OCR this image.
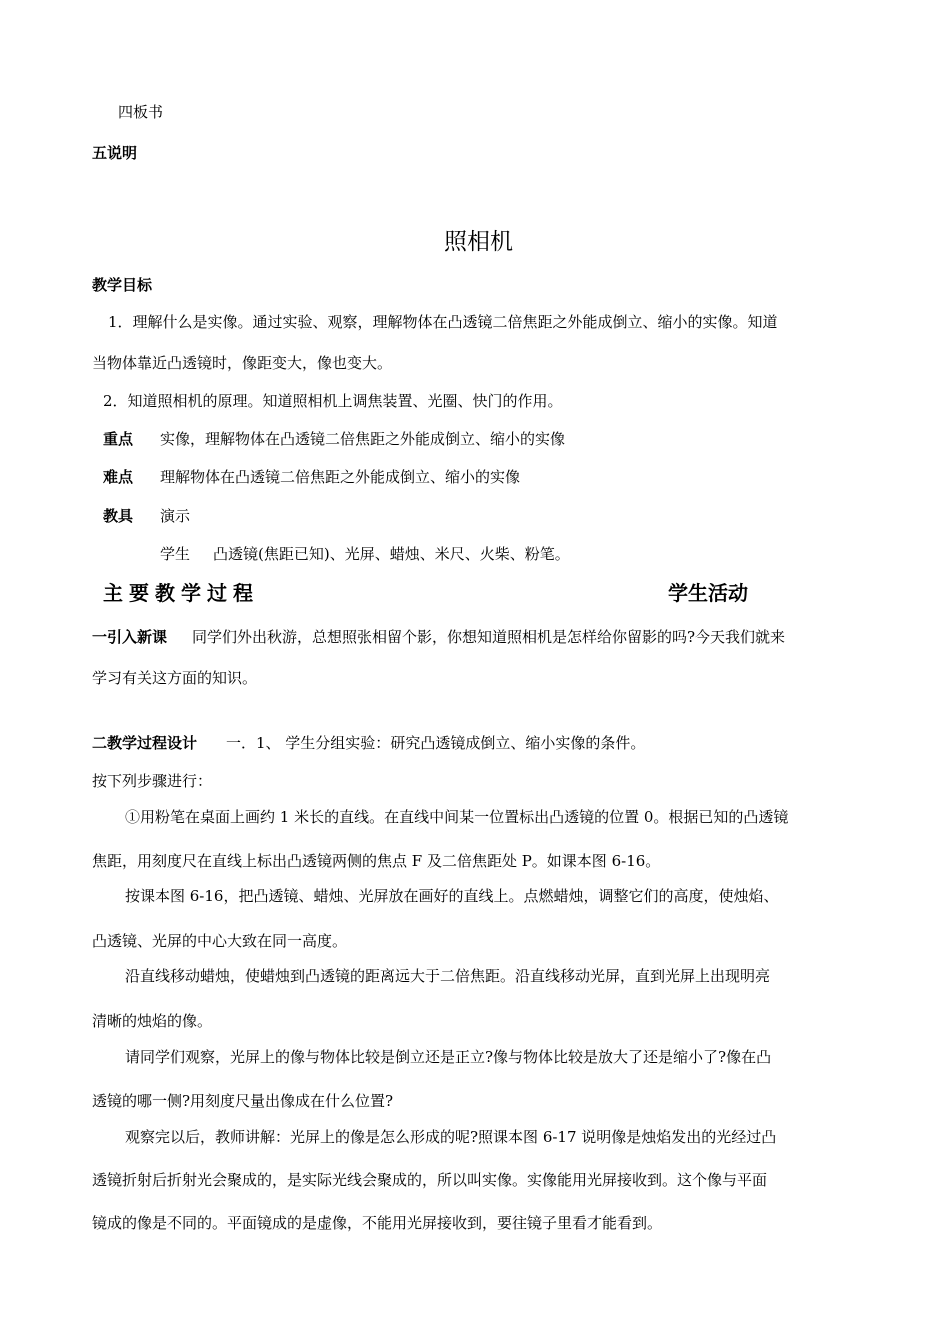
四板书
五说明
照相机
教学目标
1．理解什么是实像。通过实验、观察，理解物体在凸透镜二倍焦距之外能成倒立、缩小的实像。知道
当物体靠近凸透镜时，像距变大，像也变大。
2．知道照相机的原理。知道照相机上调焦装置、光圈、快门的作用。
重点 实像，理解物体在凸透镜二倍焦距之外能成倒立、缩小的实像
难点 理解物体在凸透镜二倍焦距之外能成倒立、缩小的实像
教具 演示
学生 凸透镜(焦距已知)、光屏、蜡烛、米尺、火柴、粉笔。
主要教学过程	学生活动
一引入新课 同学们外出秋游，总想照张相留个影，你想知道照相机是怎样给你留影的吗?今天我们就来
学习有关这方面的知识。
二教学过程设计 一．1、 学生分组实验：研究凸透镜成倒立、缩小实像的条件。
按下列步骤进行：
①用粉笔在桌面上画约 1 米长的直线。在直线中间某一位置标出凸透镜的位置 0。根据已知的凸透镜
焦距，用刻度尺在直线上标出凸透镜两侧的焦点 F 及二倍焦距处 P。如课本图 6-16。
按课本图 6-16，把凸透镜、蜡烛、光屏放在画好的直线上。点燃蜡烛，调整它们的高度，使烛焰、
凸透镜、光屏的中心大致在同一高度。
沿直线移动蜡烛，使蜡烛到凸透镜的距离远大于二倍焦距。沿直线移动光屏，直到光屏上出现明亮
清晰的烛焰的像。
请同学们观察，光屏上的像与物体比较是倒立还是正立?像与物体比较是放大了还是缩小了?像在凸
透镜的哪一侧?用刻度尺量出像成在什么位置?
观察完以后，教师讲解：光屏上的像是怎么形成的呢?照课本图 6-17 说明像是烛焰发出的光经过凸
透镜折射后折射光会聚成的，是实际光线会聚成的，所以叫实像。实像能用光屏接收到。这个像与平面
镜成的像是不同的。平面镜成的是虚像，不能用光屏接收到，要往镜子里看才能看到。
